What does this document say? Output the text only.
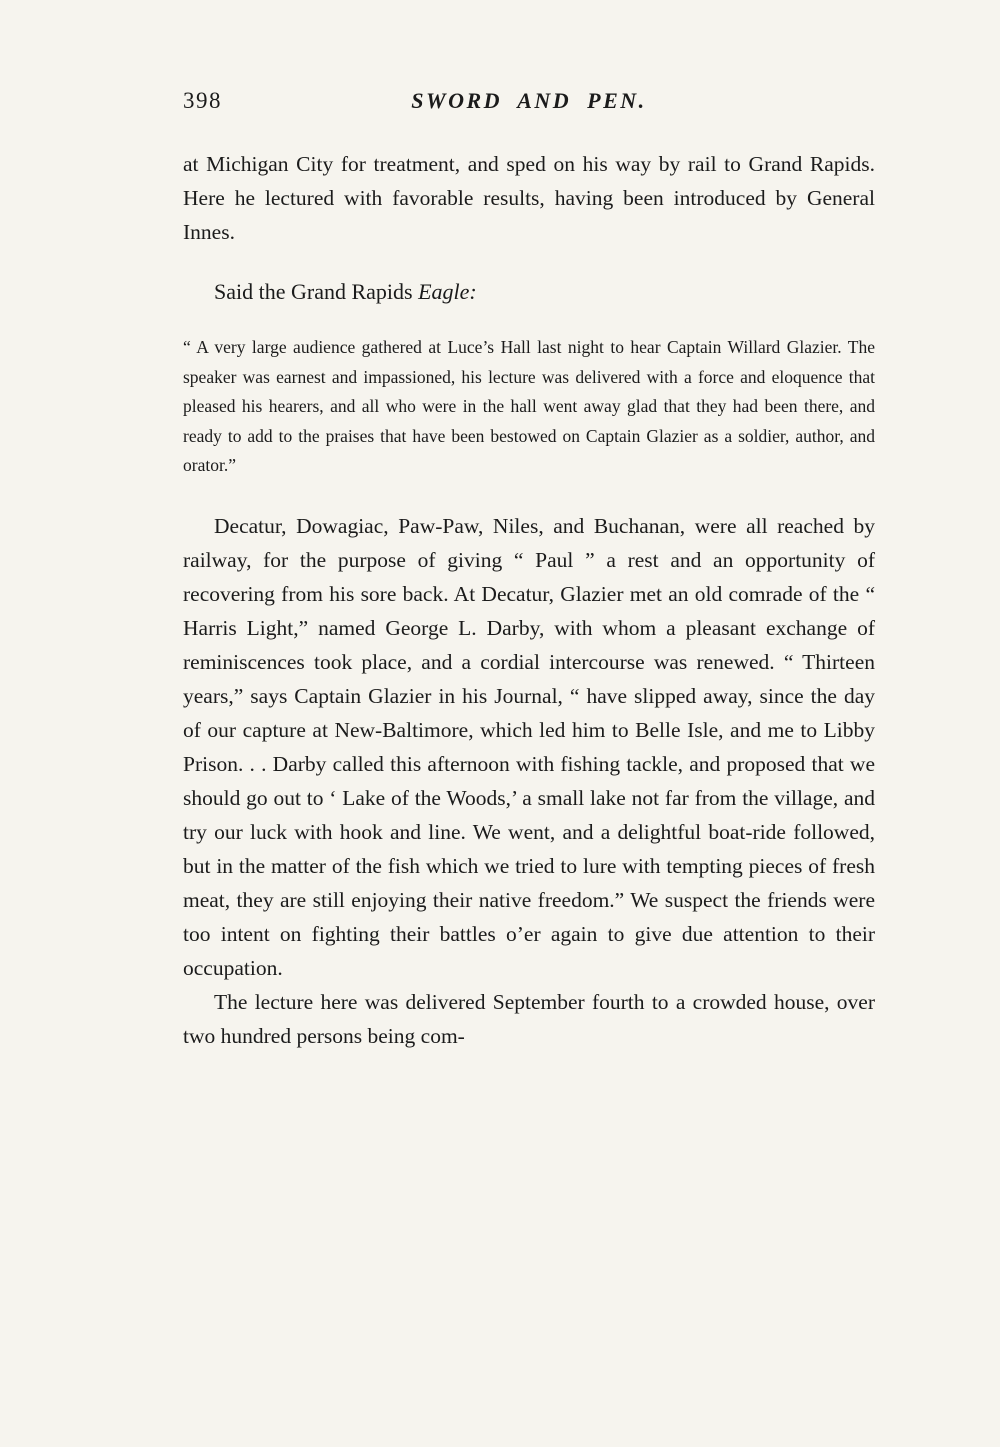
398	SWORD AND PEN.

at Michigan City for treatment, and sped on his way by rail to Grand Rapids. Here he lectured with favorable results, having been introduced by General Innes.

Said the Grand Rapids Eagle:

“ A very large audience gathered at Luce’s Hall last night to hear Captain Willard Glazier. The speaker was earnest and impassioned, his lecture was delivered with a force and eloquence that pleased his hearers, and all who were in the hall went away glad that they had been there, and ready to add to the praises that have been bestowed on Captain Glazier as a soldier, author, and orator.”

Decatur, Dowagiac, Paw-Paw, Niles, and Buchanan, were all reached by railway, for the purpose of giving “ Paul ” a rest and an opportunity of recovering from his sore back. At Decatur, Glazier met an old comrade of the “ Harris Light,” named George L. Darby, with whom a pleasant exchange of reminiscences took place, and a cordial intercourse was renewed. “ Thirteen years,” says Captain Glazier in his Journal, “ have slipped away, since the day of our capture at New-Baltimore, which led him to Belle Isle, and me to Libby Prison. . . Darby called this afternoon with fishing tackle, and proposed that we should go out to ‘ Lake of the Woods,’ a small lake not far from the village, and try our luck with hook and line. We went, and a delightful boat-ride followed, but in the matter of the fish which we tried to lure with tempting pieces of fresh meat, they are still enjoying their native freedom.” We suspect the friends were too intent on fighting their battles o’er again to give due attention to their occupation.

The lecture here was delivered September fourth to a crowded house, over two hundred persons being com-
